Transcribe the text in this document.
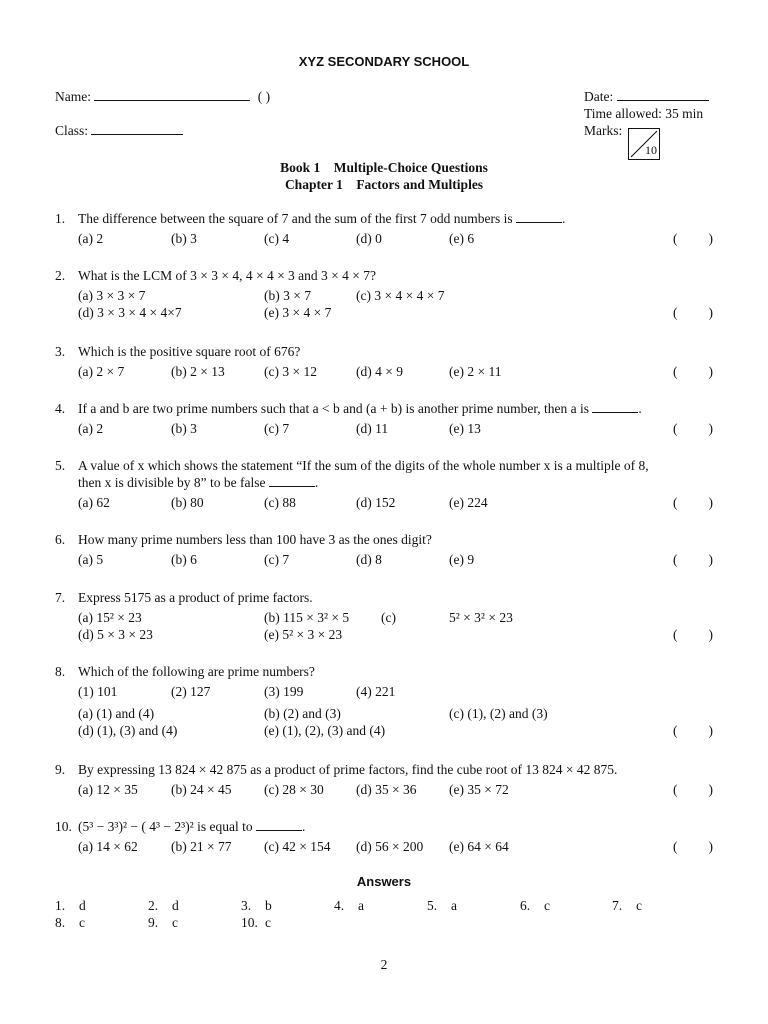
XYZ SECONDARY SCHOOL
Name:	( )
Class:
Date:
Time allowed: 35 min
Marks:
10
Book 1    Multiple-Choice Questions
Chapter 1    Factors and Multiples
1. The difference between the square of 7 and the sum of the first 7 odd numbers is	.
(a) 2	(b) 3	(c) 4	(d) 0	(e) 6	( )
2. What is the LCM of 3 × 3 × 4, 4 × 4 × 3 and 3 × 4 × 7?
(a) 3 × 3 × 7	(b) 3 × 7	(c) 3 × 4 × 4 × 7
(d) 3 × 3 × 4 × 4×7	(e) 3 × 4 × 7	( )
3. Which is the positive square root of 676?
(a) 2 × 7	(b) 2 × 13	(c) 3 × 12	(d) 4 × 9	(e) 2 × 11	( )
4. If a and b are two prime numbers such that a < b and (a + b) is another prime number, then a is	.
(a) 2	(b) 3	(c) 7	(d) 11	(e) 13	( )
5. A value of x which shows the statement “If the sum of the digits of the whole number x is a multiple of 8,
then x is divisible by 8” to be false	.
(a) 62	(b) 80	(c) 88	(d) 152	(e) 224	( )
6. How many prime numbers less than 100 have 3 as the ones digit?
(a) 5	(b) 6	(c) 7	(d) 8	(e) 9	( )
7. Express 5175 as a product of prime factors.
(a) 15² × 23	(b) 115 × 3² × 5 (c)	5² × 3² × 23
(d) 5 × 3 × 23	(e) 5² × 3 × 23	( )
8. Which of the following are prime numbers?
(1) 101	(2) 127	(3) 199	(4) 221
(a) (1) and (4)	(b) (2) and (3)	(c) (1), (2) and (3)
(d) (1), (3) and (4)	(e) (1), (2), (3) and (4)	( )
9. By expressing 13 824 × 42 875 as a product of prime factors, find the cube root of 13 824 × 42 875.
(a) 12 × 35 (b) 24 × 45 (c) 28 × 30 (d) 35 × 36 (e) 35 × 72	( )
10. (5³ − 3³)² − ( 4³ − 2³)² is equal to	.
(a) 14 × 62 (b) 21 × 77 (c) 42 × 154 (d) 56 × 200 (e) 64 × 64	( )
Answers
1. d	2. d	3. b	4. a	5. a	6. c	7. c
8. c	9. c	10. c
2
